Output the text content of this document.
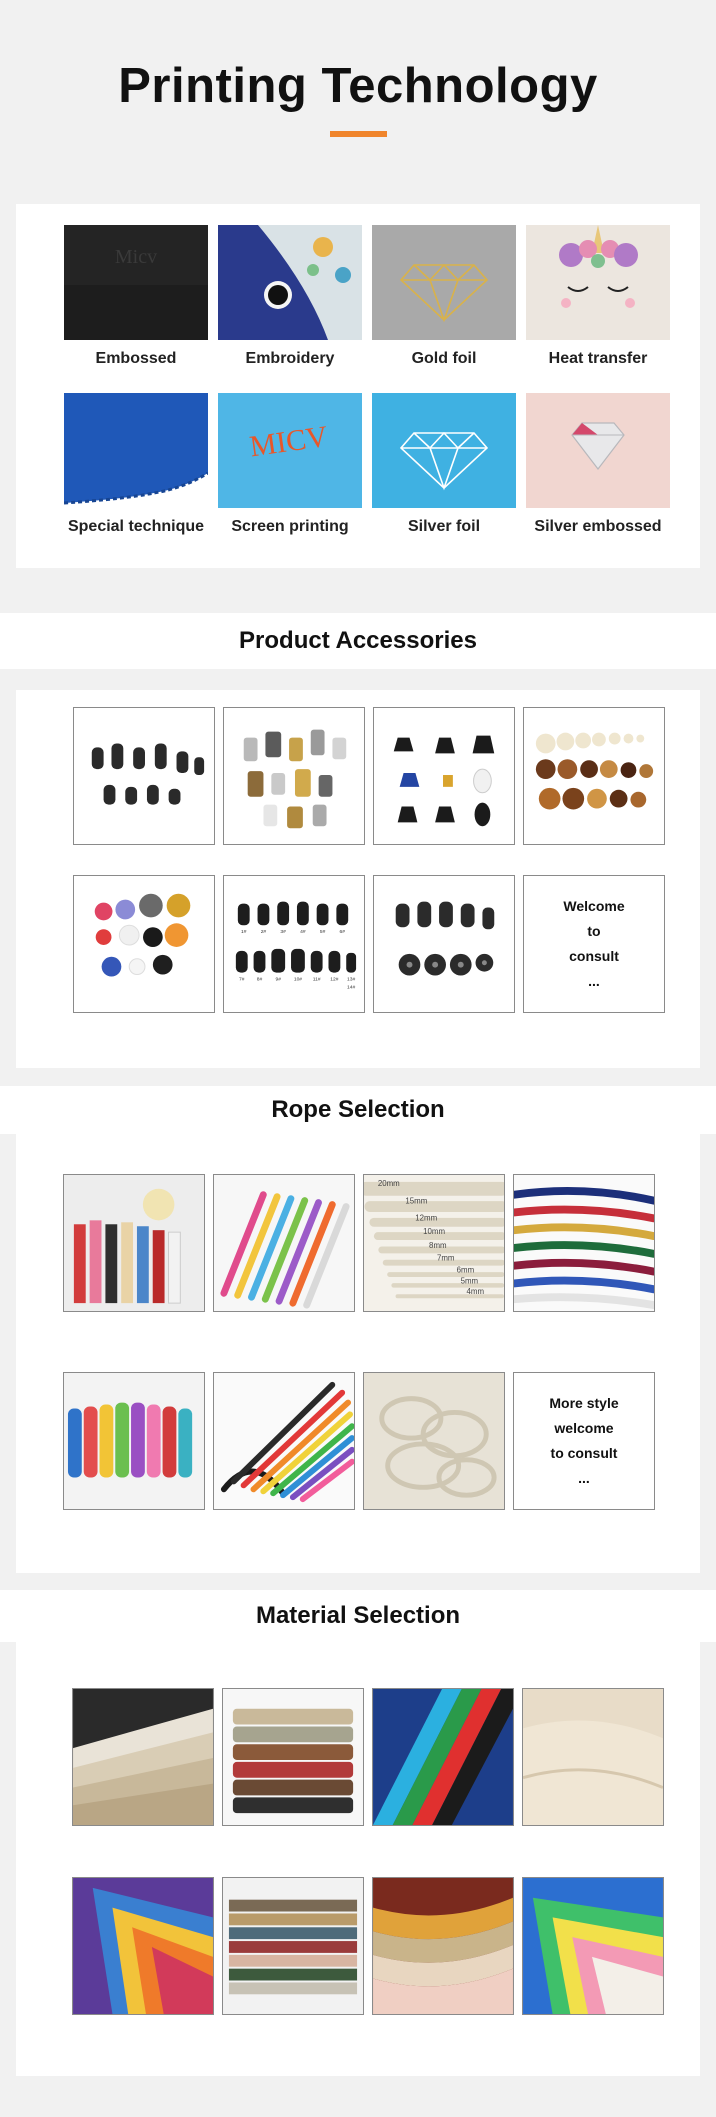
Printing Technology
Micv
Embossed	Embroidery	Gold foil	Heat transfer
Special technique
MICV
Screen printing	Silver foil	Silver embossed
Product Accessories
1#	2#	3#	4#	5#	6#
7# 8#	9#	10# 11# 12# 13#
14#
Welcome
to
consult
...
Rope Selection
20mm
15mm
12mm
10mm
8mm
7mm
6mm
5mm
4mm
More style
welcome
to consult
...
Material Selection
